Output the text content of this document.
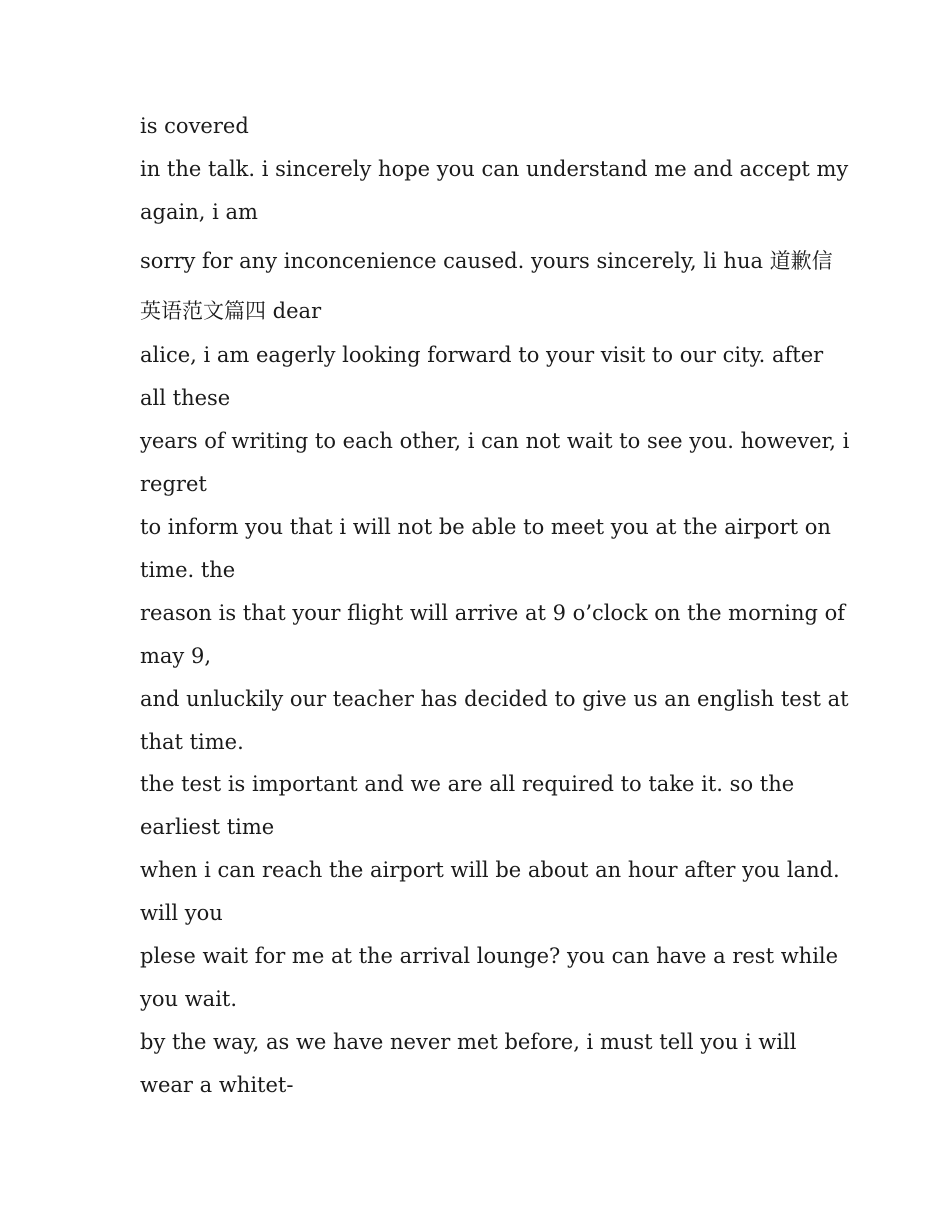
is covered
in the talk. i sincerely hope you can understand me and accept my
again, i am
sorry for any inconcenience caused. yours sincerely, li hua 道歉信
英语范文篇四 dear
alice, i am eagerly looking forward to your visit to our city. after
all these
years of writing to each other, i can not wait to see you. however, i
regret
to inform you that i will not be able to meet you at the airport on
time. the
reason is that your flight will arrive at 9 o’clock on the morning of
may 9,
and unluckily our teacher has decided to give us an english test at
that time.
the test is important and we are all required to take it. so the
earliest time
when i can reach the airport will be about an hour after you land.
will you
plese wait for me at the arrival lounge? you can have a rest while
you wait.
by the way, as we have never met before, i must tell you i will
wear a whitet-
